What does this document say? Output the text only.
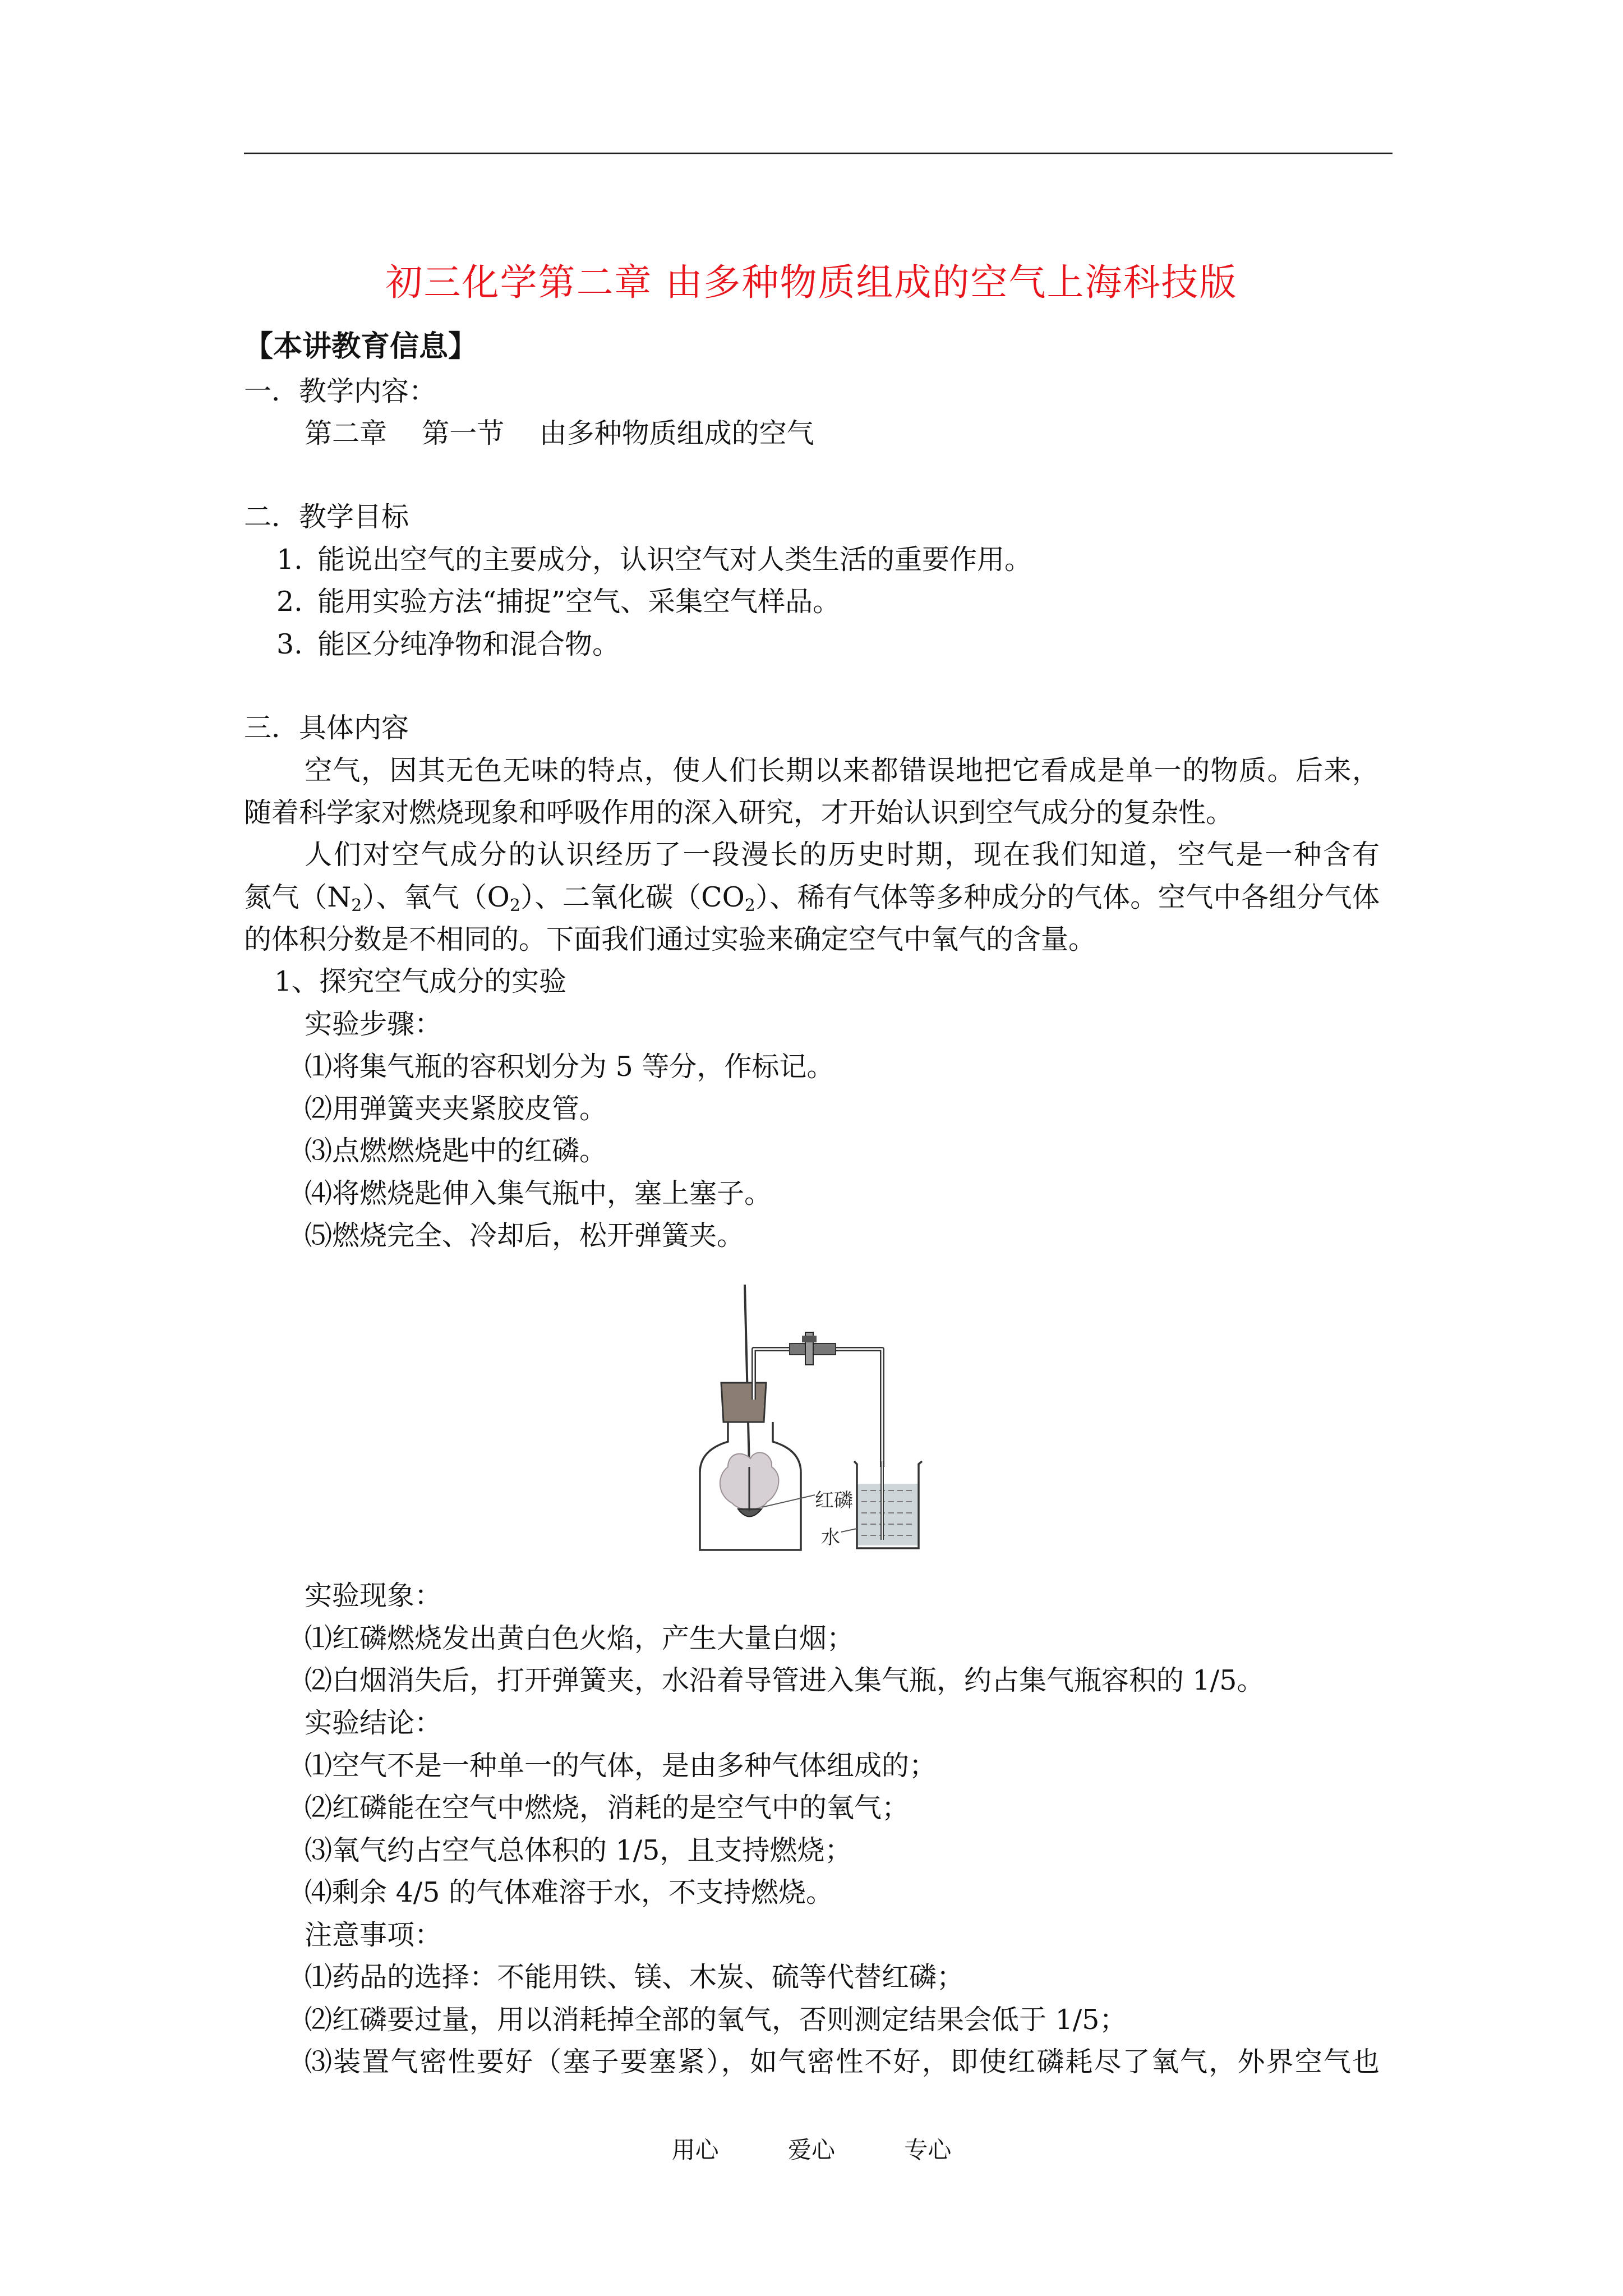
初三化学第二章 由多种物质组成的空气上海科技版
【本讲教育信息】
一．教学内容：
第二章    第一节    由多种物质组成的空气
二．教学目标
1. 能说出空气的主要成分，认识空气对人类生活的重要作用。
2. 能用实验方法“捕捉”空气、采集空气样品。
3. 能区分纯净物和混合物。
三．具体内容
空气，因其无色无味的特点，使人们长期以来都错误地把它看成是单一的物质。后来，
随着科学家对燃烧现象和呼吸作用的深入研究，才开始认识到空气成分的复杂性。
人们对空气成分的认识经历了一段漫长的历史时期，现在我们知道，空气是一种含有
氮气$(N_2)$、氧气$(O_2)$、二氧化碳$(CO_2)$、稀有气体等多种成分的气体。空气中各组分气体
的体积分数是不相同的。下面我们通过实验来确定空气中氧气的含量。
1、探究空气成分的实验
实验步骤：
⑴将集气瓶的容积划分为 5 等分，作标记。
⑵用弹簧夹夹紧胶皮管。
⑶点燃燃烧匙中的红磷。
⑷将燃烧匙伸入集气瓶中，塞上塞子。
⑸燃烧完全、冷却后，松开弹簧夹。
红磷
水
实验现象：
⑴红磷燃烧发出黄白色火焰，产生大量白烟；
⑵白烟消失后，打开弹簧夹，水沿着导管进入集气瓶，约占集气瓶容积的 1/5。
实验结论：
⑴空气不是一种单一的气体，是由多种气体组成的；
⑵红磷能在空气中燃烧，消耗的是空气中的氧气；
⑶氧气约占空气总体积的 1/5，且支持燃烧；
⑷剩余 4/5 的气体难溶于水，不支持燃烧。
注意事项：
⑴药品的选择：不能用铁、镁、木炭、硫等代替红磷；
⑵红磷要过量，用以消耗掉全部的氧气，否则测定结果会低于 1/5；
⑶装置气密性要好（塞子要塞紧），如气密性不好，即使红磷耗尽了氧气，外界空气也
用心	爱心	专心
